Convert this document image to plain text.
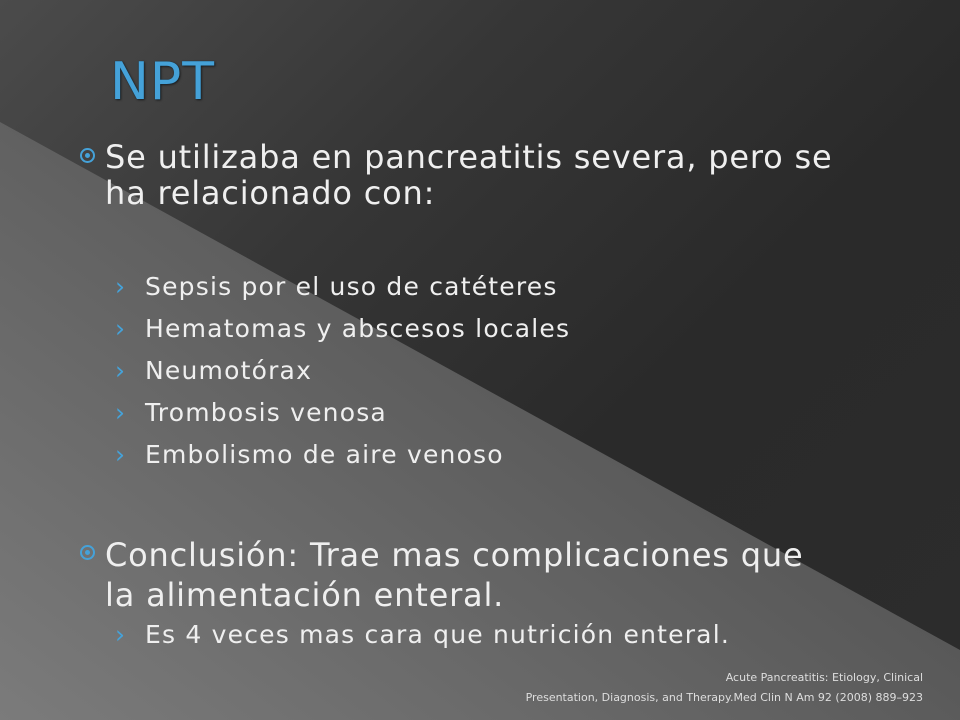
NPT
Se utilizaba en pancreatitis severa, pero se
ha relacionado con:
› Sepsis por el uso de catéteres
› Hematomas y abscesos locales
› Neumotórax
› Trombosis venosa
› Embolismo de aire venoso
Conclusión: Trae mas complicaciones que
la alimentación enteral.
› Es 4 veces mas cara que nutrición enteral.
Acute Pancreatitis: Etiology, Clinical
Presentation, Diagnosis, and Therapy.Med Clin N Am 92 (2008) 889–923
